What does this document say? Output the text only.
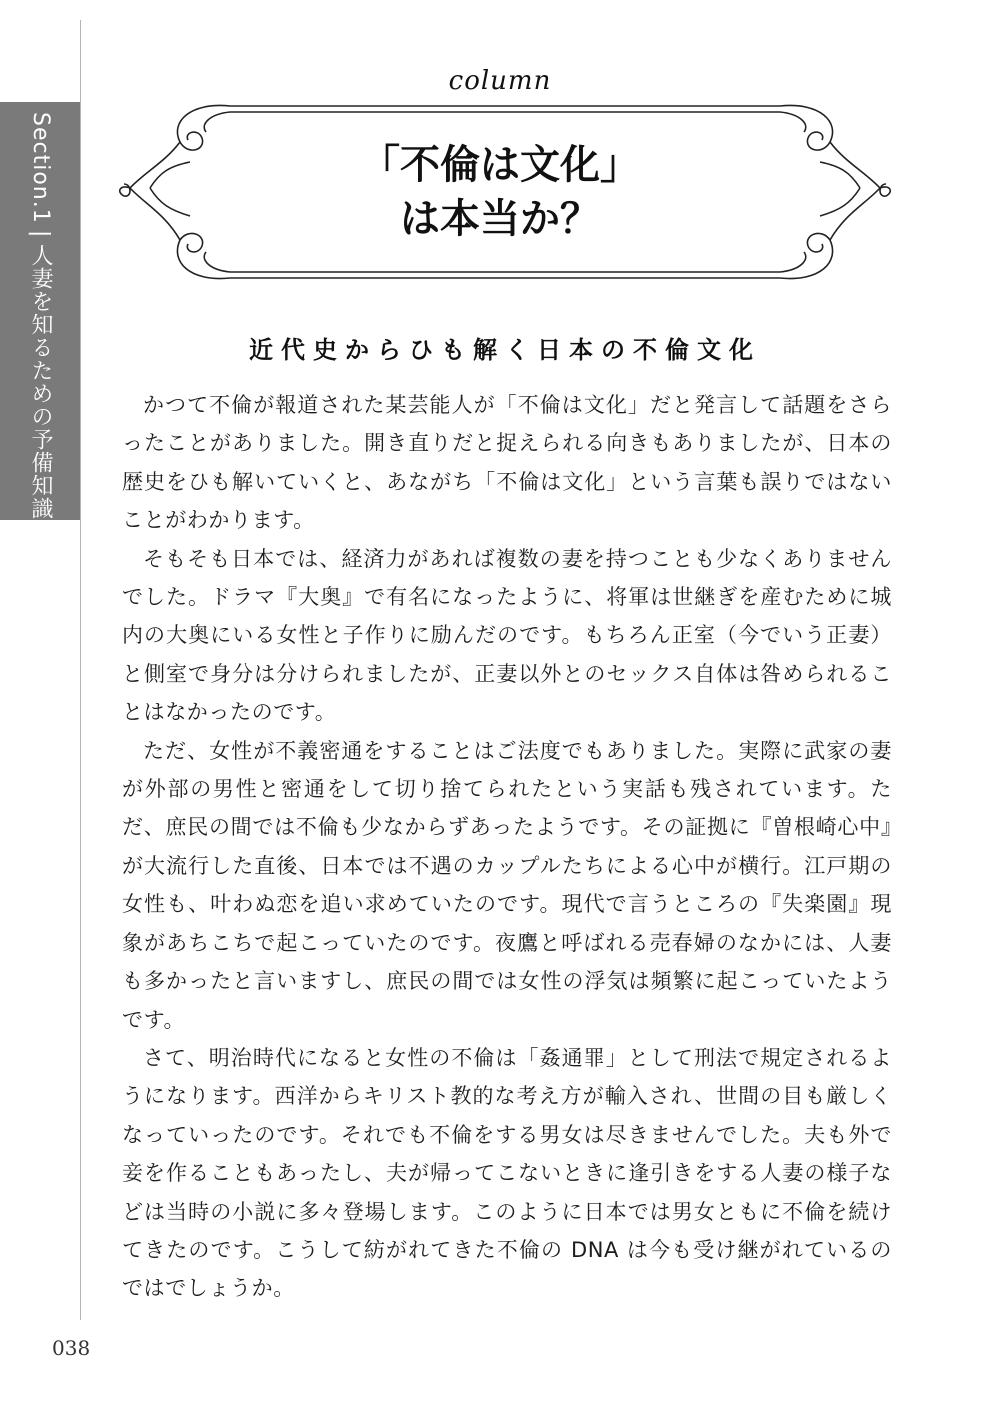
Section.1|人妻を知るための予備知識
column
「不倫は文化」
は本当か？
近代史からひも解く日本の不倫文化

かつて不倫が報道された某芸能人が「不倫は文化」だと発言して話題をさらったことがありました。開き直りだと捉えられる向きもありましたが、日本の歴史をひも解いていくと、あながち「不倫は文化」という言葉も誤りではないことがわかります。

そもそも日本では、経済力があれば複数の妻を持つことも少なくありませんでした。ドラマ『大奥』で有名になったように、将軍は世継ぎを産むために城内の大奥にいる女性と子作りに励んだのです。もちろん正室（今でいう正妻）と側室で身分は分けられましたが、正妻以外とのセックス自体は咎められることはなかったのです。

ただ、女性が不義密通をすることはご法度でもありました。実際に武家の妻が外部の男性と密通をして切り捨てられたという実話も残されています。ただ、庶民の間では不倫も少なからずあったようです。その証拠に『曽根崎心中』が大流行した直後、日本では不遇のカップルたちによる心中が横行。江戸期の女性も、叶わぬ恋を追い求めていたのです。現代で言うところの『失楽園』現象があちこちで起こっていたのです。夜鷹と呼ばれる売春婦のなかには、人妻も多かったと言いますし、庶民の間では女性の浮気は頻繁に起こっていたようです。

さて、明治時代になると女性の不倫は「姦通罪」として刑法で規定されるようになります。西洋からキリスト教的な考え方が輸入され、世間の目も厳しくなっていったのです。それでも不倫をする男女は尽きませんでした。夫も外で妾を作ることもあったし、夫が帰ってこないときに逢引きをする人妻の様子などは当時の小説に多々登場します。このように日本では男女ともに不倫を続けてきたのです。こうして紡がれてきた不倫の DNA は今も受け継がれているのではでしょうか。

038
